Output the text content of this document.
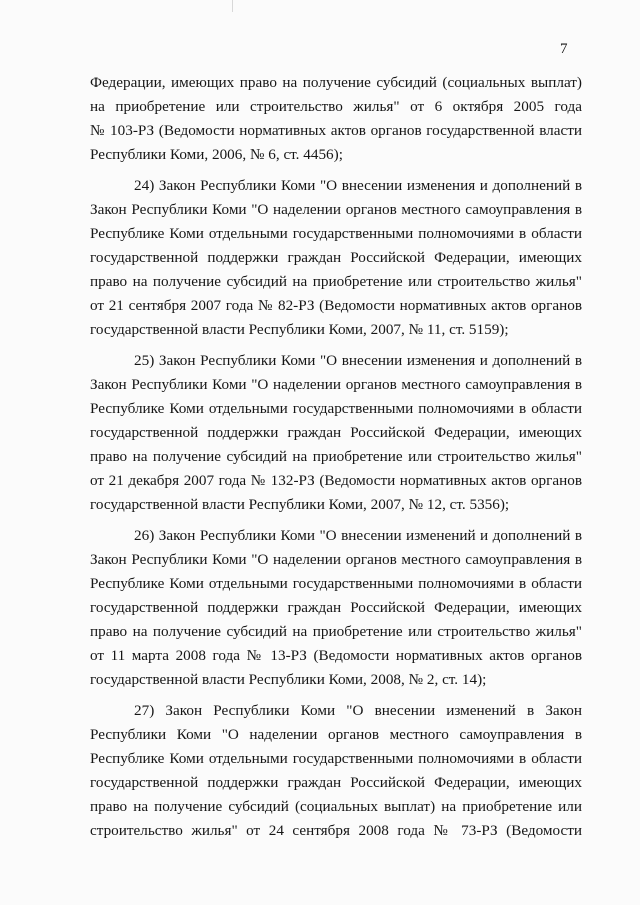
7
Федерации, имеющих право на получение субсидий (социальных выплат)
на приобретение или строительство жилья" от 6 октября 2005 года
№ 103-РЗ (Ведомости нормативных актов органов государственной власти
Республики Коми, 2006, № 6, ст. 4456);
24) Закон Республики Коми "О внесении изменения и дополнений в
Закон Республики Коми "О наделении органов местного самоуправления в
Республике Коми отдельными государственными полномочиями в области
государственной поддержки граждан Российской Федерации, имеющих
право на получение субсидий на приобретение или строительство жилья"
от 21 сентября 2007 года № 82-РЗ (Ведомости нормативных актов органов
государственной власти Республики Коми, 2007, № 11, ст. 5159);
25) Закон Республики Коми "О внесении изменения и дополнений в
Закон Республики Коми "О наделении органов местного самоуправления в
Республике Коми отдельными государственными полномочиями в области
государственной поддержки граждан Российской Федерации, имеющих
право на получение субсидий на приобретение или строительство жилья"
от 21 декабря 2007 года № 132-РЗ (Ведомости нормативных актов органов
государственной власти Республики Коми, 2007, № 12, ст. 5356);
26) Закон Республики Коми "О внесении изменений и дополнений в
Закон Республики Коми "О наделении органов местного самоуправления в
Республике Коми отдельными государственными полномочиями в области
государственной поддержки граждан Российской Федерации, имеющих
право на получение субсидий на приобретение или строительство жилья"
от 11 марта 2008 года № 13-РЗ (Ведомости нормативных актов органов
государственной власти Республики Коми, 2008, № 2, ст. 14);
27) Закон Республики Коми "О внесении изменений в Закон
Республики Коми "О наделении органов местного самоуправления в
Республике Коми отдельными государственными полномочиями в области
государственной поддержки граждан Российской Федерации, имеющих
право на получение субсидий (социальных выплат) на приобретение или
строительство жилья" от 24 сентября 2008 года № 73-РЗ (Ведомости
